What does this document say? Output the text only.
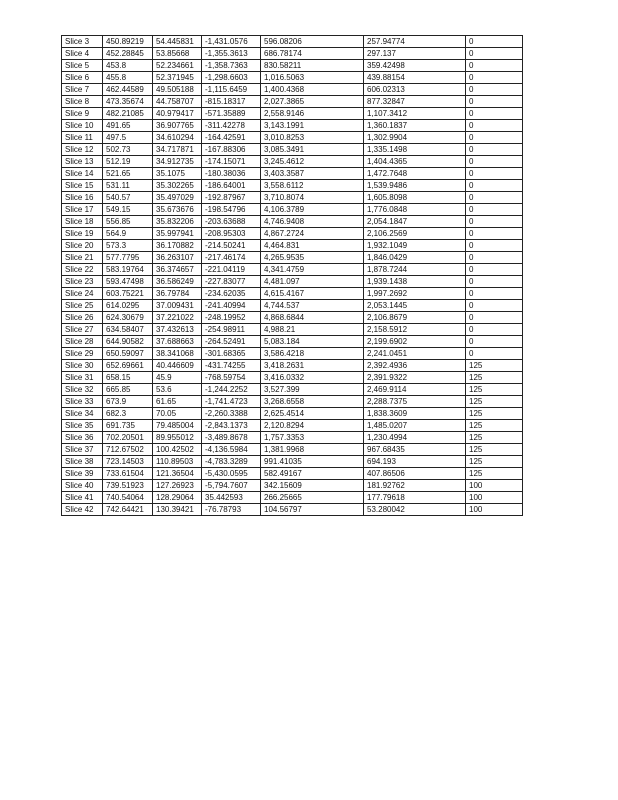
Slice 3	450.89219	54.445831	-1,431.0576	596.08206	257.94774	0
Slice 4	452.28845	53.85668	-1,355.3613	686.78174	297.137	0
Slice 5	453.8	52.234661	-1,358.7363	830.58211	359.42498	0
Slice 6	455.8	52.371945	-1,298.6603	1,016.5063	439.88154	0
Slice 7	462.44589	49.505188	-1,115.6459	1,400.4368	606.02313	0
Slice 8	473.35674	44.758707	-815.18317	2,027.3865	877.32847	0
Slice 9	482.21085	40.979417	-571.35889	2,558.9146	1,107.3412	0
Slice 10	491.65	36.907765	-311.42278	3,143.1991	1,360.1837	0
Slice 11	497.5	34.610294	-164.42591	3,010.8253	1,302.9904	0
Slice 12	502.73	34.717871	-167.88306	3,085.3491	1,335.1498	0
Slice 13	512.19	34.912735	-174.15071	3,245.4612	1,404.4365	0
Slice 14	521.65	35.1075	-180.38036	3,403.3587	1,472.7648	0
Slice 15	531.11	35.302265	-186.64001	3,558.6112	1,539.9486	0
Slice 16	540.57	35.497029	-192.87967	3,710.8074	1,605.8098	0
Slice 17	549.15	35.673676	-198.54796	4,106.3789	1,776.0848	0
Slice 18	556.85	35.832206	-203.63688	4,746.9408	2,054.1847	0
Slice 19	564.9	35.997941	-208.95303	4,867.2724	2,106.2569	0
Slice 20	573.3	36.170882	-214.50241	4,464.831	1,932.1049	0
Slice 21	577.7795	36.263107	-217.46174	4,265.9535	1,846.0429	0
Slice 22	583.19764	36.374657	-221.04119	4,341.4759	1,878.7244	0
Slice 23	593.47498	36.586249	-227.83077	4,481.097	1,939.1438	0
Slice 24	603.75221	36.79784	-234.62035	4,615.4167	1,997.2692	0
Slice 25	614.0295	37.009431	-241.40994	4,744.537	2,053.1445	0
Slice 26	624.30679	37.221022	-248.19952	4,868.6844	2,106.8679	0
Slice 27	634.58407	37.432613	-254.98911	4,988.21	2,158.5912	0
Slice 28	644.90582	37.688663	-264.52491	5,083.184	2,199.6902	0
Slice 29	650.59097	38.341068	-301.68365	3,586.4218	2,241.0451	0
Slice 30	652.69661	40.446609	-431.74255	3,418.2631	2,392.4936	125
Slice 31	658.15	45.9	-768.59754	3,416.0332	2,391.9322	125
Slice 32	665.85	53.6	-1,244.2252	3,527.399	2,469.9114	125
Slice 33	673.9	61.65	-1,741.4723	3,268.6558	2,288.7375	125
Slice 34	682.3	70.05	-2,260.3388	2,625.4514	1,838.3609	125
Slice 35	691.735	79.485004	-2,843.1373	2,120.8294	1,485.0207	125
Slice 36	702.20501	89.955012	-3,489.8678	1,757.3353	1,230.4994	125
Slice 37	712.67502	100.42502	-4,136.5984	1,381.9968	967.68435	125
Slice 38	723.14503	110.89503	-4,783.3289	991.41035	694.193	125
Slice 39	733.61504	121.36504	-5,430.0595	582.49167	407.86506	125
Slice 40	739.51923	127.26923	-5,794.7607	342.15609	181.92762	100
Slice 41	740.54064	128.29064	35.442593	266.25665	177.79618	100
Slice 42	742.64421	130.39421	-76.78793	104.56797	53.280042	100
